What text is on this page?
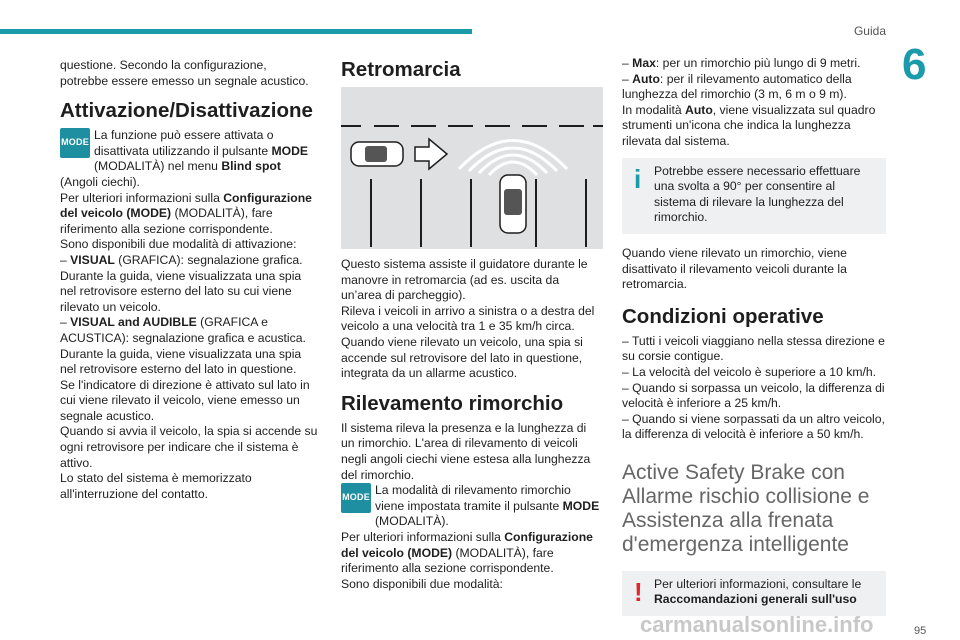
Guida
6
95

questione. Secondo la configurazione, potrebbe essere emesso un segnale acustico.

Attivazione/Disattivazione

MODE
La funzione può essere attivata o disattivata utilizzando il pulsante MODE (MODALITÀ) nel menu Blind spot (Angoli ciechi).

Per ulteriori informazioni sulla Configurazione del veicolo (MODE) (MODALITÀ), fare riferimento alla sezione corrispondente.

Sono disponibili due modalità di attivazione:

– VISUAL (GRAFICA): segnalazione grafica.

Durante la guida, viene visualizzata una spia nel retrovisore esterno del lato su cui viene rilevato un veicolo.

– VISUAL and AUDIBLE (GRAFICA e ACUSTICA): segnalazione grafica e acustica.

Durante la guida, viene visualizzata una spia nel retrovisore esterno del lato in questione.

Se l'indicatore di direzione è attivato sul lato in cui viene rilevato il veicolo, viene emesso un segnale acustico.

Quando si avvia il veicolo, la spia si accende su ogni retrovisore per indicare che il sistema è attivo.

Lo stato del sistema è memorizzato all'interruzione del contatto.

Retromarcia

Questo sistema assiste il guidatore durante le manovre in retromarcia (ad es. uscita da un’area di parcheggio).

Rileva i veicoli in arrivo a sinistra o a destra del veicolo a una velocità tra 1 e 35 km/h circa.

Quando viene rilevato un veicolo, una spia si accende sul retrovisore del lato in questione, integrata da un allarme acustico.

Rilevamento rimorchio

Il sistema rileva la presenza e la lunghezza di un rimorchio. L'area di rilevamento di veicoli negli angoli ciechi viene estesa alla lunghezza del rimorchio.

MODE
La modalità di rilevamento rimorchio viene impostata tramite il pulsante MODE (MODALITÀ).

Per ulteriori informazioni sulla Configurazione del veicolo (MODE) (MODALITÀ), fare riferimento alla sezione corrispondente.

Sono disponibili due modalità:

– Max: per un rimorchio più lungo di 9 metri.

– Auto: per il rilevamento automatico della lunghezza del rimorchio (3 m, 6 m o 9 m).

In modalità Auto, viene visualizzata sul quadro strumenti un'icona che indica la lunghezza rilevata dal sistema.

i	Potrebbe essere necessario effettuare una svolta a 90° per consentire al sistema di rilevare la lunghezza del rimorchio.

Quando viene rilevato un rimorchio, viene disattivato il rilevamento veicoli durante la retromarcia.

Condizioni operative

– Tutti i veicoli viaggiano nella stessa direzione e su corsie contigue.

– La velocità del veicolo è superiore a 10 km/h.

– Quando si sorpassa un veicolo, la differenza di velocità è inferiore a 25 km/h.

– Quando si viene sorpassati da un altro veicolo, la differenza di velocità è inferiore a 50 km/h.

Active Safety Brake con Allarme rischio collisione e Assistenza alla frenata d'emergenza intelligente
! Per ulteriori informazioni, consultare le Raccomandazioni generali sull'uso

carmanualsonline.info
